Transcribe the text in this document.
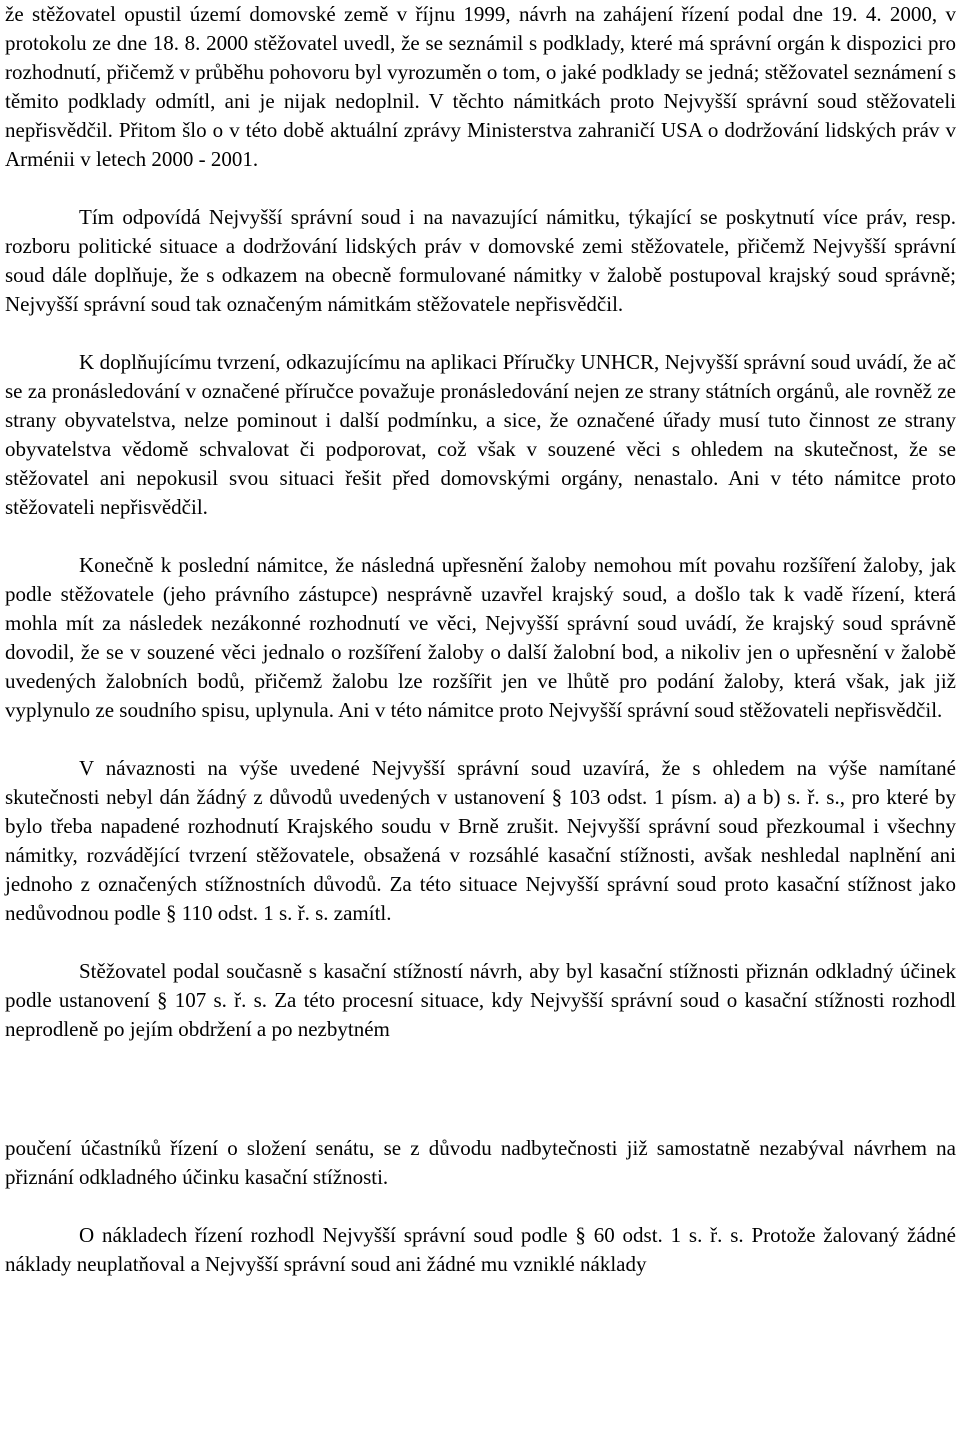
že stěžovatel opustil území domovské země v říjnu 1999, návrh na zahájení řízení podal dne 19. 4. 2000, v protokolu ze dne 18. 8. 2000 stěžovatel uvedl, že se seznámil s podklady, které má správní orgán k dispozici pro rozhodnutí, přičemž v průběhu pohovoru byl vyrozuměn o tom, o jaké podklady se jedná; stěžovatel seznámení s těmito podklady odmítl, ani je nijak nedoplnil. V těchto námitkách proto Nejvyšší správní soud stěžovateli nepřisvědčil. Přitom šlo o v této době aktuální zprávy Ministerstva zahraničí USA o dodržování lidských práv v Arménii v letech 2000 - 2001.

Tím odpovídá Nejvyšší správní soud i na navazující námitku, týkající se poskytnutí více práv, resp. rozboru politické situace a dodržování lidských práv v domovské zemi stěžovatele, přičemž Nejvyšší správní soud dále doplňuje, že s odkazem na obecně formulované námitky v žalobě postupoval krajský soud správně; Nejvyšší správní soud tak označeným námitkám stěžovatele nepřisvědčil.

K doplňujícímu tvrzení, odkazujícímu na aplikaci Příručky UNHCR, Nejvyšší správní soud uvádí, že ač se za pronásledování v označené příručce považuje pronásledování nejen ze strany státních orgánů, ale rovněž ze strany obyvatelstva, nelze pominout i další podmínku, a sice, že označené úřady musí tuto činnost ze strany obyvatelstva vědomě schvalovat či podporovat, což však v souzené věci s ohledem na skutečnost, že se stěžovatel ani nepokusil svou situaci řešit před domovskými orgány, nenastalo. Ani v této námitce proto stěžovateli nepřisvědčil.

Konečně k poslední námitce, že následná upřesnění žaloby nemohou mít povahu rozšíření žaloby, jak podle stěžovatele (jeho právního zástupce) nesprávně uzavřel krajský soud, a došlo tak k vadě řízení, která mohla mít za následek nezákonné rozhodnutí ve věci, Nejvyšší správní soud uvádí, že krajský soud správně dovodil, že se v souzené věci jednalo o rozšíření žaloby o další žalobní bod, a nikoliv jen o upřesnění v žalobě uvedených žalobních bodů, přičemž žalobu lze rozšířit jen ve lhůtě pro podání žaloby, která však, jak již vyplynulo ze soudního spisu, uplynula. Ani v této námitce proto Nejvyšší správní soud stěžovateli nepřisvědčil.

V návaznosti na výše uvedené Nejvyšší správní soud uzavírá, že s ohledem na výše namítané skutečnosti nebyl dán žádný z důvodů uvedených v ustanovení § 103 odst. 1 písm. a) a b) s. ř. s., pro které by bylo třeba napadené rozhodnutí Krajského soudu v Brně zrušit. Nejvyšší správní soud přezkoumal i všechny námitky, rozvádějící tvrzení stěžovatele, obsažená v rozsáhlé kasační stížnosti, avšak neshledal naplnění ani jednoho z označených stížnostních důvodů. Za této situace Nejvyšší správní soud proto kasační stížnost jako nedůvodnou podle § 110 odst. 1 s. ř. s. zamítl.

Stěžovatel podal současně s kasační stížností návrh, aby byl kasační stížnosti přiznán odkladný účinek podle ustanovení § 107 s. ř. s. Za této procesní situace, kdy Nejvyšší správní soud o kasační stížnosti rozhodl neprodleně po jejím obdržení a po nezbytném

poučení účastníků řízení o složení senátu, se z důvodu nadbytečnosti již samostatně nezabýval návrhem na přiznání odkladného účinku kasační stížnosti.

O nákladech řízení rozhodl Nejvyšší správní soud podle § 60 odst. 1 s. ř. s. Protože žalovaný žádné náklady neuplatňoval a Nejvyšší správní soud ani žádné mu vzniklé náklady
